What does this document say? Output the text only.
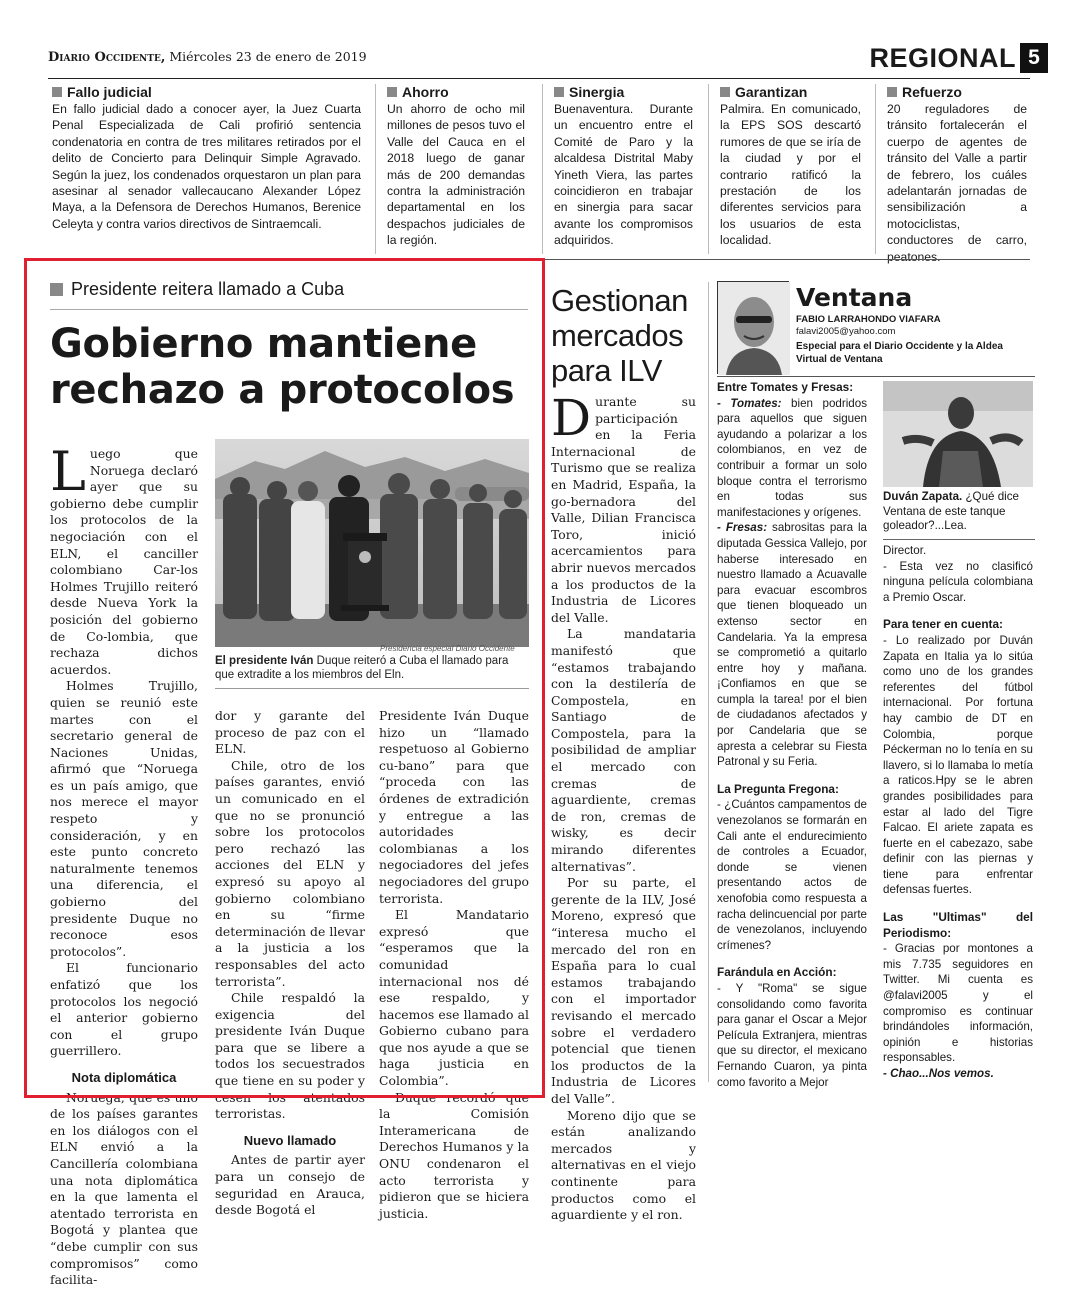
Diario Occidente, Miércoles 23 de enero de 2019	REGIONAL 5
Fallo judicial
En fallo judicial dado a conocer ayer, la Juez Cuarta Penal Especializada de Cali profirió sentencia condenatoria en contra de tres militares retirados por el delito de Concierto para Delinquir Simple Agravado. Según la juez, los condenados orquestaron un plan para asesinar al senador vallecaucano Alexander López Maya, a la Defensora de Derechos Humanos, Berenice Celeyta y contra varios directivos de Sintraemcali.
Ahorro
Un ahorro de ocho mil millones de pesos tuvo el Valle del Cauca en el 2018 luego de ganar más de 200 demandas contra la administración departamental en los despachos judiciales de la región.
Sinergia
Buenaventura. Durante un encuentro entre el Comité de Paro y la alcaldesa Distrital Maby Yineth Viera, las partes coincidieron en trabajar en sinergia para sacar avante los compromisos adquiridos.
Garantizan
Palmira. En comunicado, la EPS SOS descartó rumores de que se iría de la ciudad y por el contrario ratificó la prestación de los diferentes servicios para los usuarios de esta localidad.
Refuerzo
20 reguladores de tránsito fortalecerán el cuerpo de agentes de tránsito del Valle a partir de febrero, los cuáles adelantarán jornadas de sensibilización a motociclistas, conductores de carro, peatones.
Presidente reitera llamado a Cuba
Gobierno mantiene rechazo a protocolos
L uego que Noruega declaró ayer que su gobierno debe cumplir los protocolos de la negociación con el ELN, el canciller colombiano Car-los Holmes Trujillo reiteró desde Nueva York la posición del gobierno de Co-lombia, que rechaza dichos acuerdos.

Holmes Trujillo, quien se reunió este martes con el secretario general de Naciones Unidas, afirmó que “Noruega es un país amigo, que nos merece el mayor respeto y consideración, y en este punto concreto naturalmente tenemos una diferencia, el gobierno del presidente Duque no reconoce esos protocolos”.

El funcionario enfatizó que los protocolos los negoció el anterior gobierno con el grupo guerrillero.

Nota diplomática

Noruega, que es uno de los países garantes en los diálogos con el ELN envió a la Cancillería colombiana una nota diplomática en la que lamenta el atentado terrorista en Bogotá y plantea que “debe cumplir con sus compromisos” como facilita-

Presidencia especial Diario Occidente
El presidente Iván Duque reiteró a Cuba el llamado para que extradite a los miembros del Eln.

dor y garante del proceso de paz con el ELN.

Chile, otro de los países garantes, envió un comunicado en el que no se pronunció sobre los protocolos pero rechazó las acciones del ELN y expresó su apoyo al gobierno colombiano en su “firme determinación de llevar a la justicia a los responsables del acto terrorista”.

Chile respaldó la exigencia del presidente Iván Duque para que se libere a todos los secuestrados que tiene en su poder y cesen los atentados terroristas.

Nuevo llamado

Antes de partir ayer para un consejo de seguridad en Arauca, desde Bogotá el

Presidente Iván Duque hizo un “llamado respetuoso al Gobierno cu-bano” para que “proceda con las órdenes de extradición y entregue a las autoridades colombianas a los negociadores del jefes negociadores del grupo terrorista.

El Mandatario expresó que “esperamos que la comunidad internacional nos dé ese respaldo, y hacemos ese llamado al Gobierno cubano para que nos ayude a que se haga justicia en Colombia”.

Duque recordó que la Comisión Interamericana de Derechos Humanos y la ONU condenaron el acto terrorista y pidieron que se hiciera justicia.

Gestionan mercados para ILV
D urante su participación en la Feria Internacional de Turismo que se realiza en Madrid, España, la go-bernadora del Valle, Dilian Francisca Toro, inició acercamientos para abrir nuevos mercados a los productos de la Industria de Licores del Valle.

La mandataria manifestó que “estamos trabajando con la destilería de Compostela, en Santiago de Compostela, para la posibilidad de ampliar el mercado con cremas de aguardiente, cremas de ron, cremas de wisky, es decir mirando diferentes alternativas”.

Por su parte, el gerente de la ILV, José Moreno, expresó que “interesa mucho el mercado del ron en España para lo cual estamos trabajando con el importador revisando el mercado sobre el verdadero potencial que tienen los productos de la Industria de Licores del Valle”.

Moreno dijo que se están analizando mercados y alternativas en el viejo continente para productos como el aguardiente y el ron.

Ventana
FABIO LARRAHONDO VIAFARA
falavi2005@yahoo.com
Especial para el Diario Occidente y la Aldea Virtual de Ventana
Entre Tomates y Fresas:

- Tomates: bien podridos para aquellos que siguen ayudando a polarizar a los colombianos, en vez de contribuir a formar un solo bloque contra el terrorismo en todas sus manifestaciones y orígenes.

- Fresas: sabrositas para la diputada Gessica Vallejo, por haberse interesado en nuestro llamado a Acuavalle para evacuar escombros que tienen bloqueado un extenso sector en Candelaria. Ya la empresa se comprometió a quitarlo entre hoy y mañana. ¡Confiamos en que se cumpla la tarea! por el bien de ciudadanos afectados y por Candelaria que se apresta a celebrar su Fiesta Patronal y su Feria.

La Pregunta Fregona:

- ¿Cuántos campamentos de venezolanos se formarán en Cali ante el endurecimiento de controles a Ecuador, donde se vienen presentando actos de xenofobia como respuesta a racha delincuencial por parte de venezolanos, incluyendo crímenes?

Farándula en Acción:

- Y "Roma" se sigue consolidando como favorita para ganar el Oscar a Mejor Película Extranjera, mientras que su director, el mexicano Fernando Cuaron, ya pinta como favorito a Mejor

Duván Zapata. ¿Qué dice Ventana de este tanque goleador?...Lea.

Director.

- Esta vez no clasificó ninguna película colombiana a Premio Oscar.

Para tener en cuenta:

- Lo realizado por Duván Zapata en Italia ya lo sitúa como uno de los grandes referentes del fútbol internacional. Por fortuna hay cambio de DT en Colombia, porque Péckerman no lo tenía en su llavero, si lo llamaba lo metía a raticos.Hpy se le abren grandes posibilidades para estar al lado del Tigre Falcao. El ariete zapata es fuerte en el cabezazo, sabe definir con las piernas y tiene para enfrentar defensas fuertes.

Las "Ultimas" del Periodismo:

- Gracias por montones a mis 7.735 seguidores en Twitter. Mi cuenta es @falavi2005 y el compromiso es continuar brindándoles información, opinión e historias responsables.

- Chao...Nos vemos.
